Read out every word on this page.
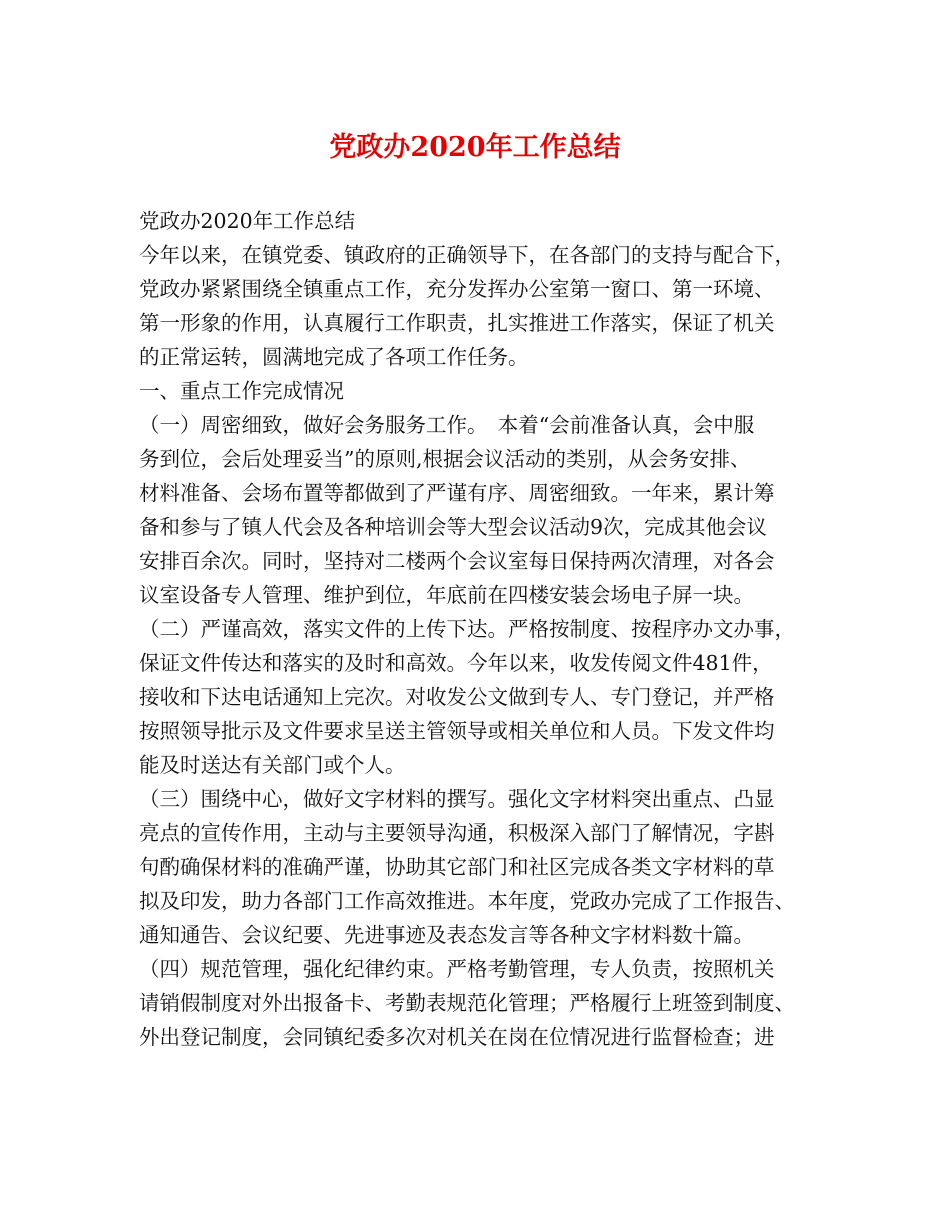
党政办2020年工作总结
党政办2020年工作总结
今年以来，在镇党委、镇政府的正确领导下，在各部门的支持与配合下，
党政办紧紧围绕全镇重点工作，充分发挥办公室第一窗口、第一环境、
第一形象的作用，认真履行工作职责，扎实推进工作落实，保证了机关
的正常运转，圆满地完成了各项工作任务。
一、重点工作完成情况
（一）周密细致，做好会务服务工作。　本着“会前准备认真，会中服
务到位，会后处理妥当”的原则,根据会议活动的类别，从会务安排、
材料准备、会场布置等都做到了严谨有序、周密细致。一年来，累计筹
备和参与了镇人代会及各种培训会等大型会议活动9次，完成其他会议
安排百余次。同时，坚持对二楼两个会议室每日保持两次清理，对各会
议室设备专人管理、维护到位，年底前在四楼安装会场电子屏一块。
（二）严谨高效，落实文件的上传下达。严格按制度、按程序办文办事，
保证文件传达和落实的及时和高效。今年以来，收发传阅文件481件，
接收和下达电话通知上完次。对收发公文做到专人、专门登记，并严格
按照领导批示及文件要求呈送主管领导或相关单位和人员。下发文件均
能及时送达有关部门或个人。
（三）围绕中心，做好文字材料的撰写。强化文字材料突出重点、凸显
亮点的宣传作用，主动与主要领导沟通，积极深入部门了解情况，字斟
句酌确保材料的准确严谨，协助其它部门和社区完成各类文字材料的草
拟及印发，助力各部门工作高效推进。本年度，党政办完成了工作报告、
通知通告、会议纪要、先进事迹及表态发言等各种文字材料数十篇。
（四）规范管理，强化纪律约束。严格考勤管理，专人负责，按照机关
请销假制度对外出报备卡、考勤表规范化管理；严格履行上班签到制度、
外出登记制度，会同镇纪委多次对机关在岗在位情况进行监督检查；进
